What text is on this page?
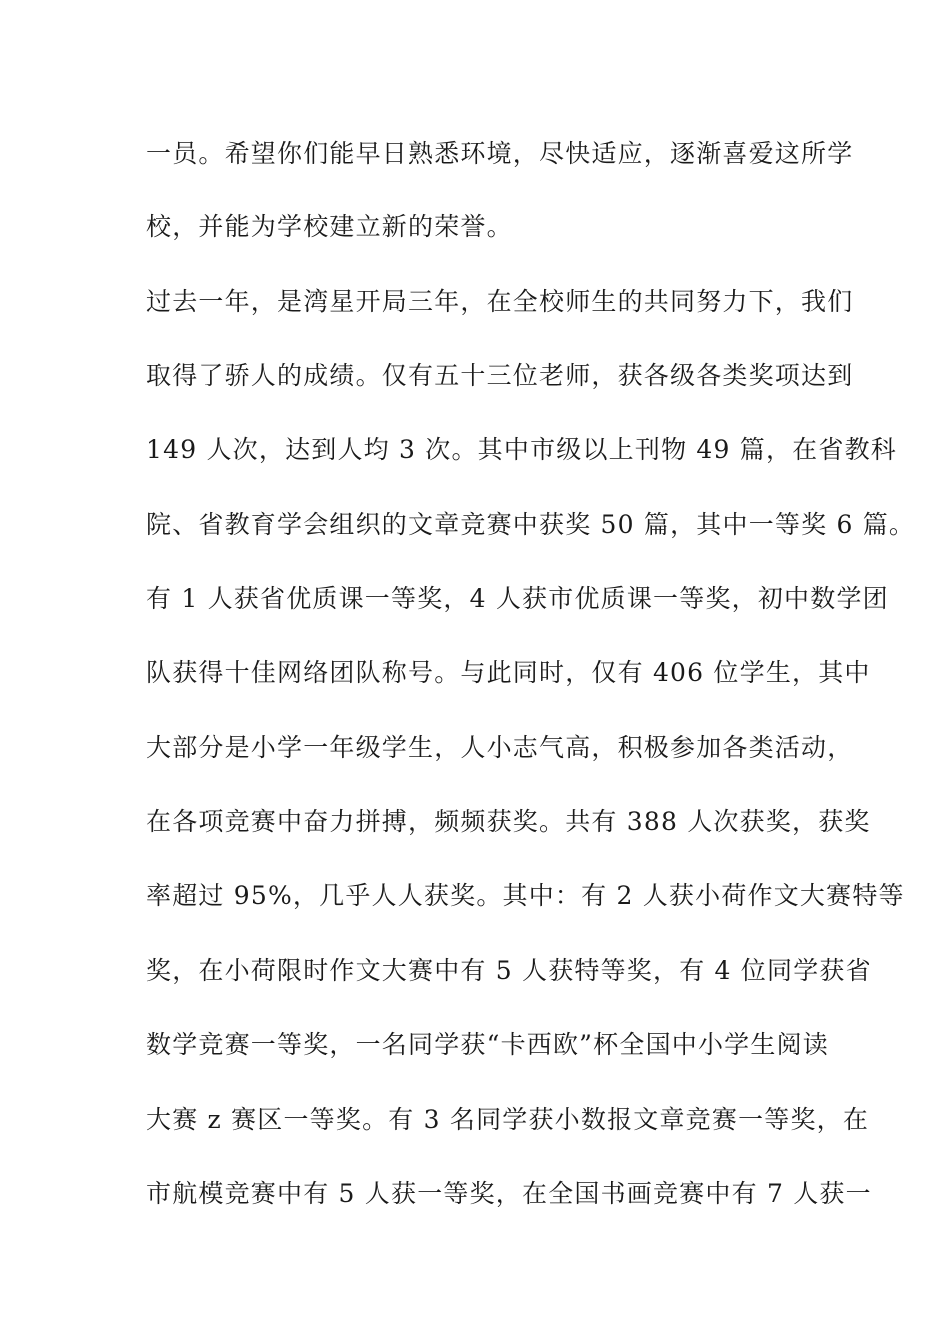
一员。希望你们能早日熟悉环境，尽快适应，逐渐喜爱这所学
校，并能为学校建立新的荣誉。
过去一年，是湾星开局三年，在全校师生的共同努力下，我们
取得了骄人的成绩。仅有五十三位老师，获各级各类奖项达到
149 人次，达到人均 3 次。其中市级以上刊物 49 篇，在省教科
院、省教育学会组织的文章竞赛中获奖 50 篇，其中一等奖 6 篇。
有 1 人获省优质课一等奖，4 人获市优质课一等奖，初中数学团
队获得十佳网络团队称号。与此同时，仅有 406 位学生，其中
大部分是小学一年级学生，人小志气高，积极参加各类活动，
在各项竞赛中奋力拼搏，频频获奖。共有 388 人次获奖，获奖
率超过 95%，几乎人人获奖。其中：有 2 人获小荷作文大赛特等
奖，在小荷限时作文大赛中有 5 人获特等奖，有 4 位同学获省
数学竞赛一等奖，一名同学获“卡西欧”杯全国中小学生阅读
大赛 z 赛区一等奖。有 3 名同学获小数报文章竞赛一等奖，在
市航模竞赛中有 5 人获一等奖，在全国书画竞赛中有 7 人获一
